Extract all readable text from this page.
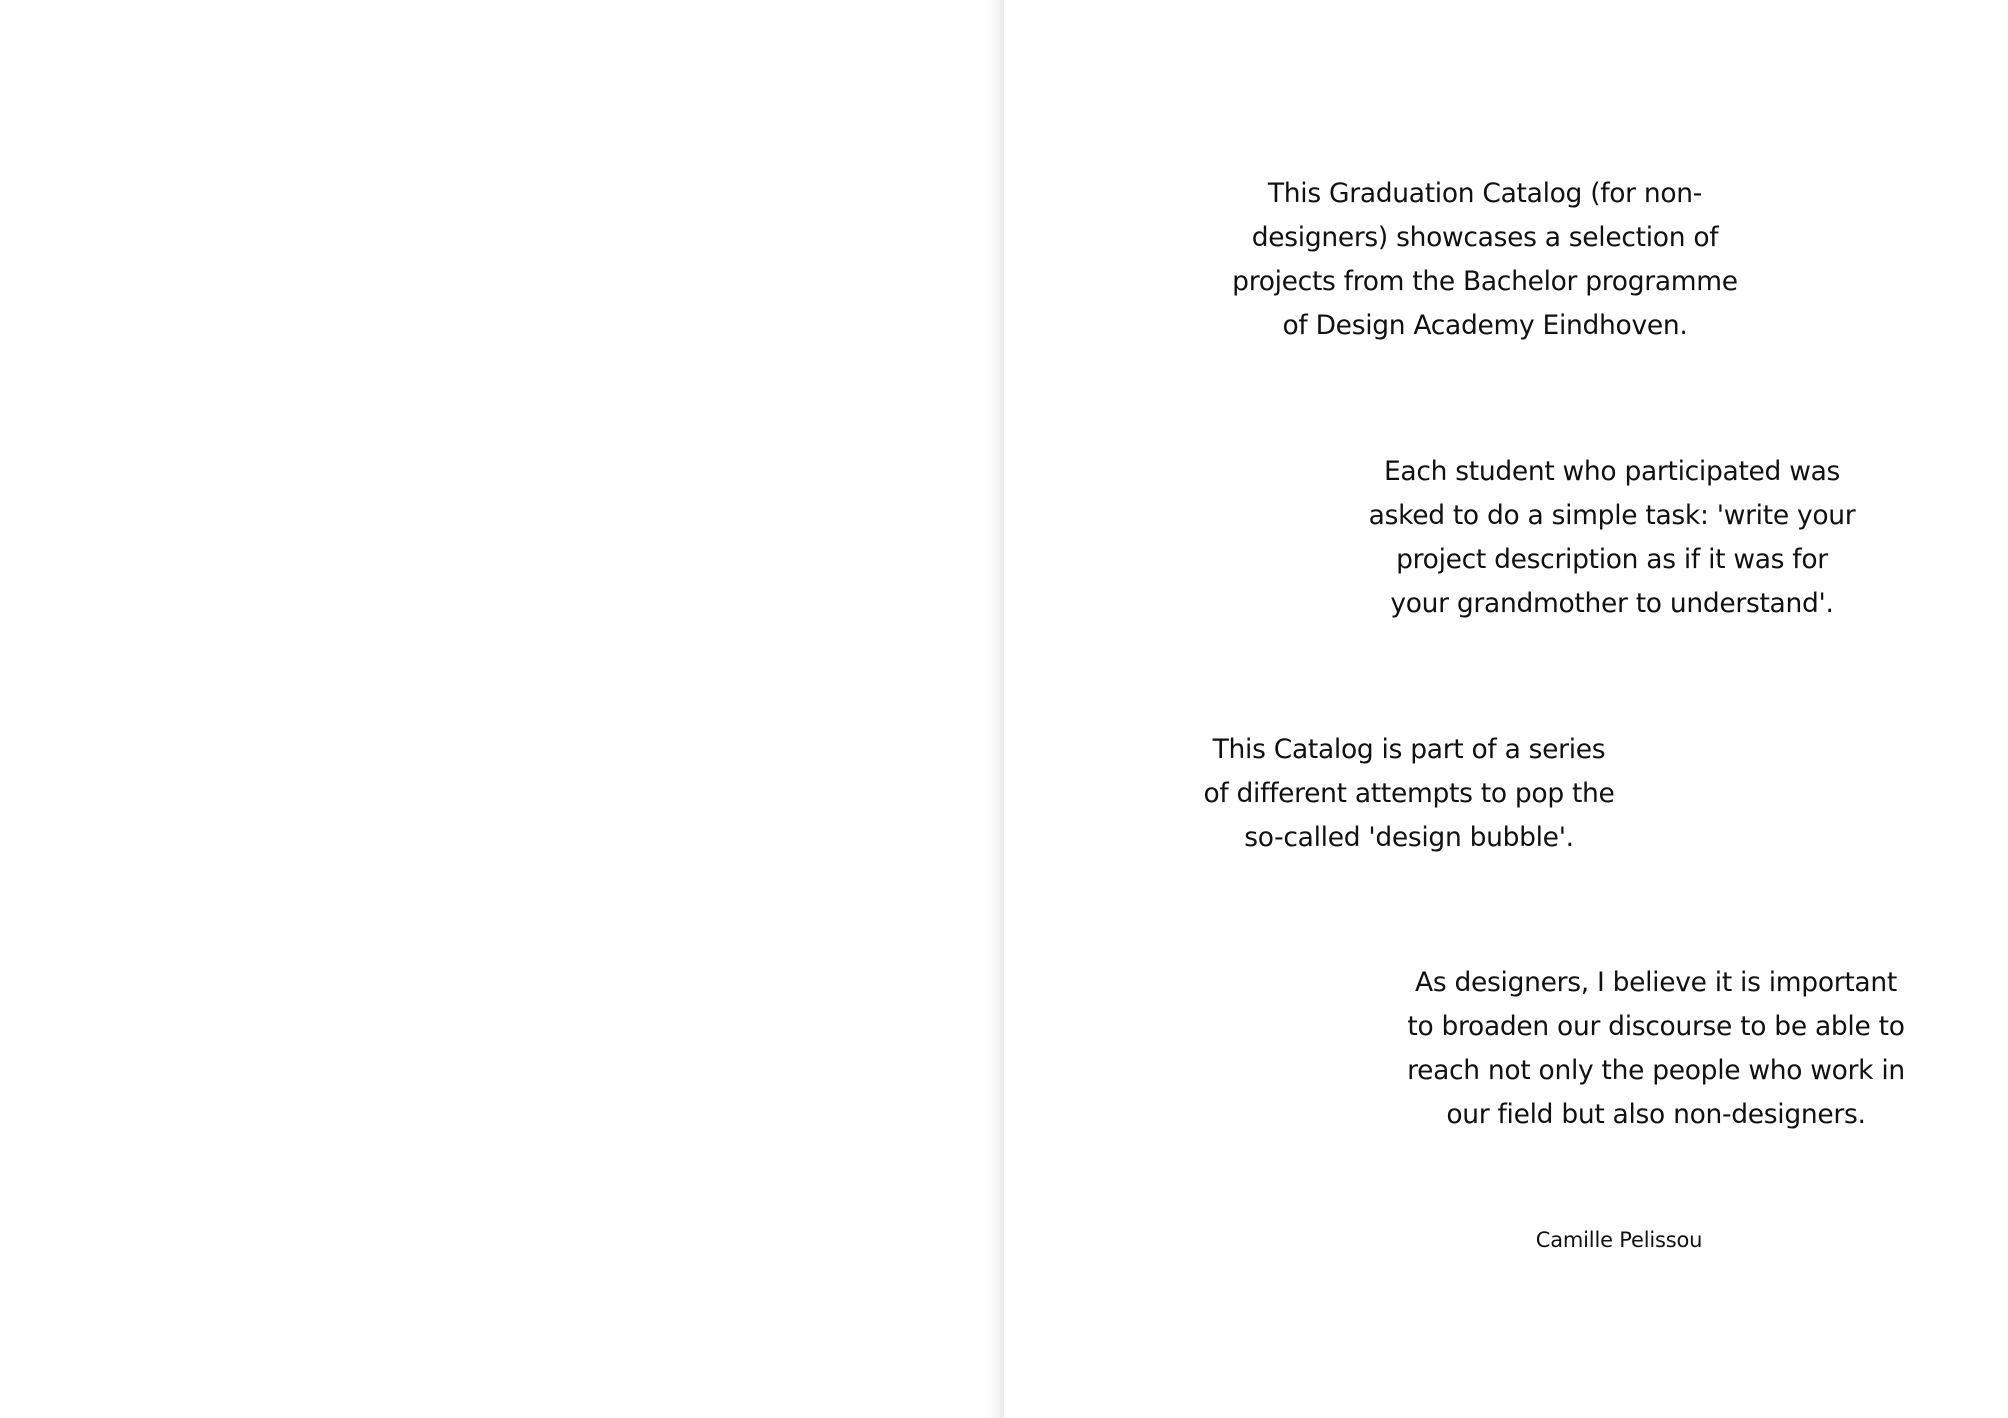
This Graduation Catalog (for non-
designers) showcases a selection of
projects from the Bachelor programme
of Design Academy Eindhoven.

Each student who participated was
asked to do a simple task: 'write your
project description as if it was for
your grandmother to understand'.

This Catalog is part of a series
of different attempts to pop the
so-called 'design bubble'.

As designers, I believe it is important
to broaden our discourse to be able to
reach not only the people who work in
our field but also non-designers.

Camille Pelissou
